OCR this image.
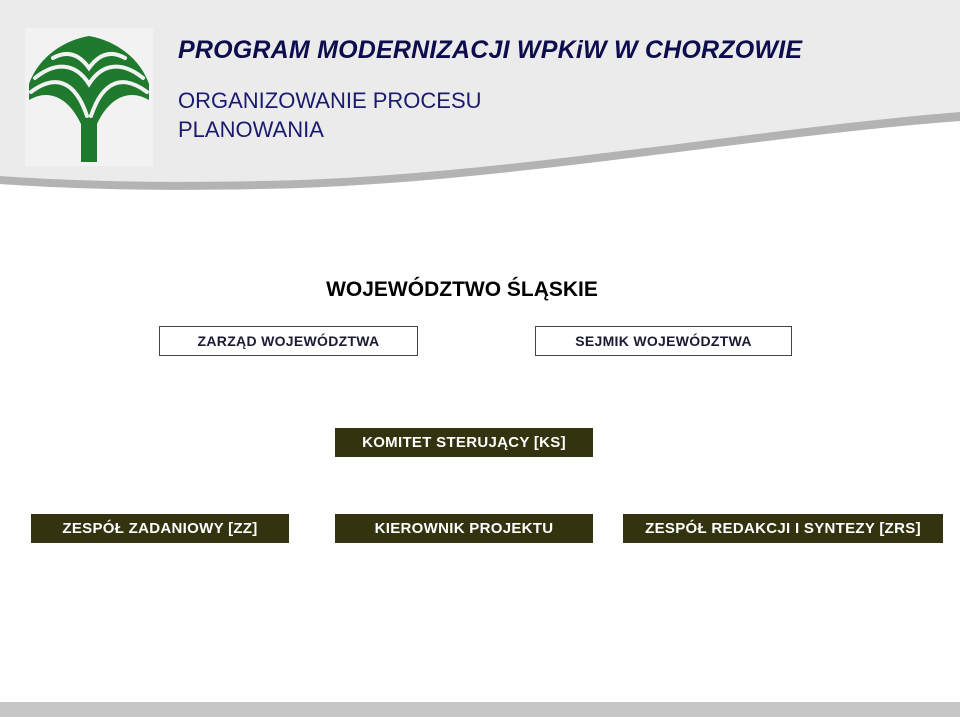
PROGRAM MODERNIZACJI WPKiW W CHORZOWIE
ORGANIZOWANIE PROCESU
PLANOWANIA
WOJEWÓDZTWO ŚLĄSKIE
ZARZĄD WOJEWÓDZTWA	SEJMIK WOJEWÓDZTWA
KOMITET STERUJĄCY [KS]
ZESPÓŁ ZADANIOWY [ZZ]	KIEROWNIK PROJEKTU	ZESPÓŁ REDAKCJI I SYNTEZY [ZRS]
